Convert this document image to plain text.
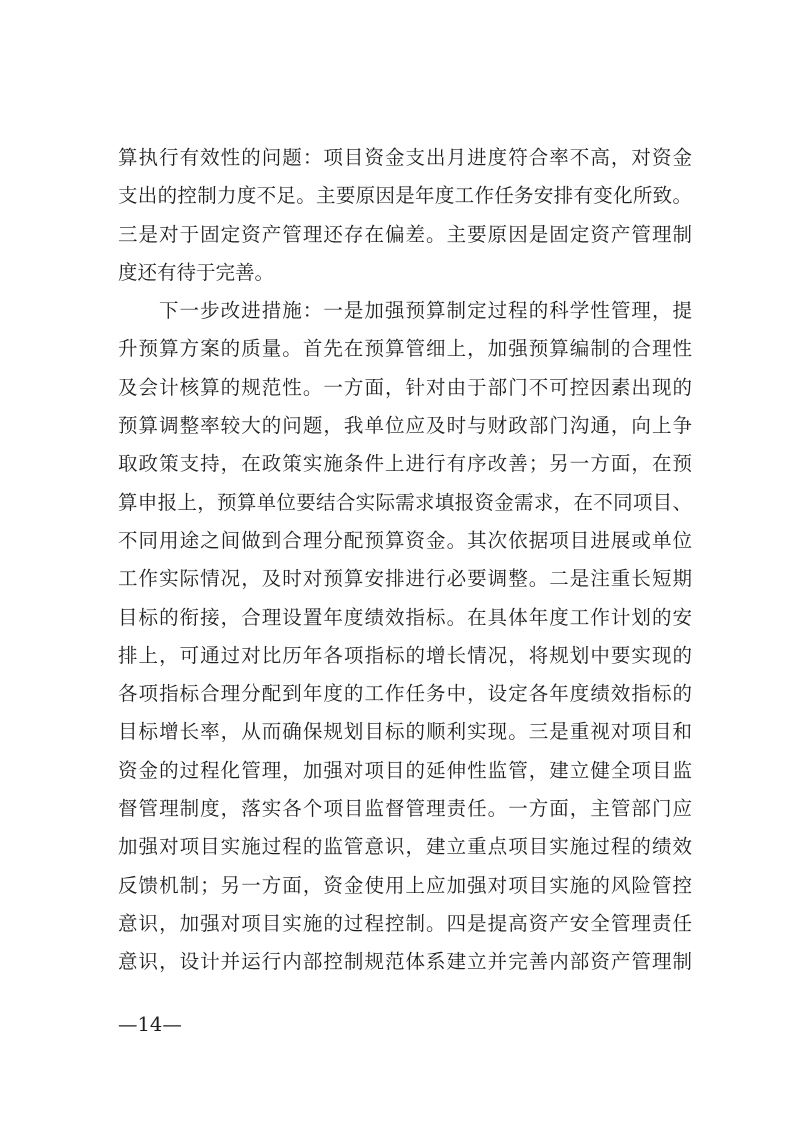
算执行有效性的问题：项目资金支出月进度符合率不高，对资金
支出的控制力度不足。主要原因是年度工作任务安排有变化所致。
三是对于固定资产管理还存在偏差。主要原因是固定资产管理制
度还有待于完善。
下一步改进措施：一是加强预算制定过程的科学性管理，提
升预算方案的质量。首先在预算管细上，加强预算编制的合理性
及会计核算的规范性。一方面，针对由于部门不可控因素出现的
预算调整率较大的问题，我单位应及时与财政部门沟通，向上争
取政策支持，在政策实施条件上进行有序改善；另一方面，在预
算申报上，预算单位要结合实际需求填报资金需求，在不同项目、
不同用途之间做到合理分配预算资金。其次依据项目进展或单位
工作实际情况，及时对预算安排进行必要调整。二是注重长短期
目标的衔接，合理设置年度绩效指标。在具体年度工作计划的安
排上，可通过对比历年各项指标的增长情况，将规划中要实现的
各项指标合理分配到年度的工作任务中，设定各年度绩效指标的
目标增长率，从而确保规划目标的顺利实现。三是重视对项目和
资金的过程化管理，加强对项目的延伸性监管，建立健全项目监
督管理制度，落实各个项目监督管理责任。一方面，主管部门应
加强对项目实施过程的监管意识，建立重点项目实施过程的绩效
反馈机制；另一方面，资金使用上应加强对项目实施的风险管控
意识，加强对项目实施的过程控制。四是提高资产安全管理责任
意识，设计并运行内部控制规范体系建立并完善内部资产管理制
—14—
